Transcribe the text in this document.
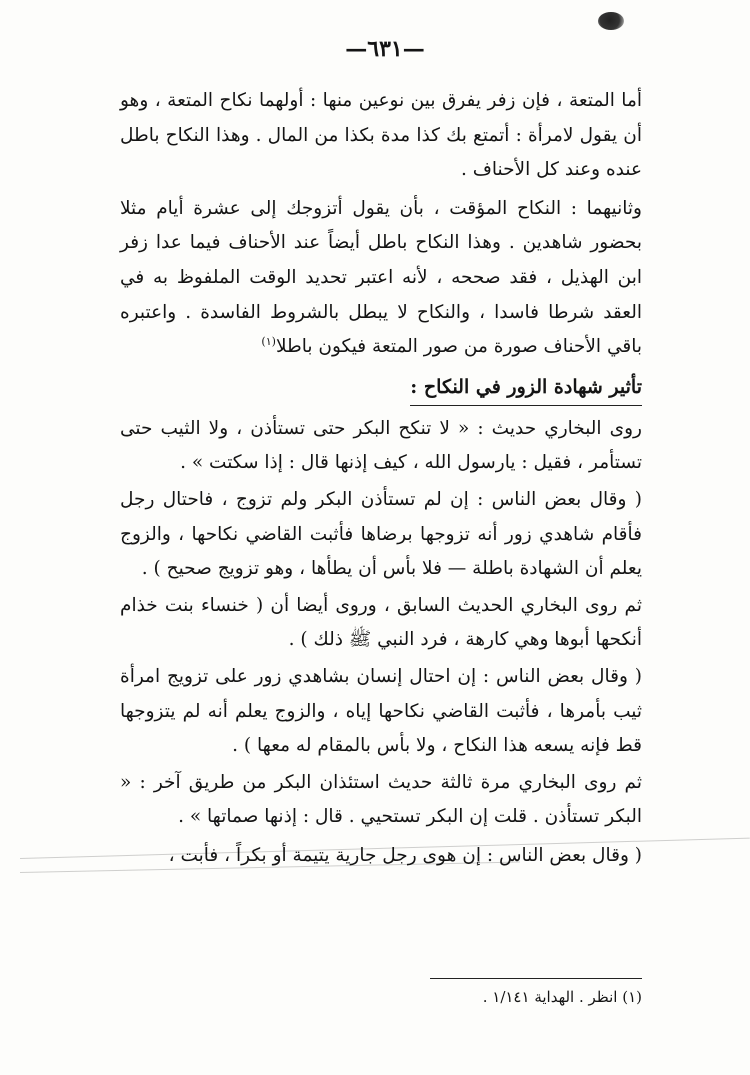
—٦٣١—

أما المتعة ، فإن زفر يفرق بين نوعين منها : أولهما نكاح المتعة ، وهو أن يقول لامرأة : أتمتع بك كذا مدة بكذا من المال . وهذا النكاح باطل عنده وعند كل الأحناف .

وثانيهما : النكاح المؤقت ، بأن يقول أتزوجك إلى عشرة أيام مثلا بحضور شاهدين . وهذا النكاح باطل أيضاً عند الأحناف فيما عدا زفر ابن الهذيل ، فقد صححه ، لأنه اعتبر تحديد الوقت الملفوظ به في العقد شرطا فاسدا ، والنكاح لا يبطل بالشروط الفاسدة . واعتبره باقي الأحناف صورة من صور المتعة فيكون باطلا$^{(١)}$

تأثير شهادة الزور في النكاح :

روى البخاري حديث : « لا تنكح البكر حتى تستأذن ، ولا الثيب حتى تستأمر ، فقيل : يارسول الله ، كيف إذنها قال : إذا سكتت » .

( وقال بعض الناس : إن لم تستأذن البكر ولم تزوج ، فاحتال رجل فأقام شاهدي زور أنه تزوجها برضاها فأثبت القاضي نكاحها ، والزوج يعلم أن الشهادة باطلة — فلا بأس أن يطأها ، وهو تزويج صحيح ) .

ثم روى البخاري الحديث السابق ، وروى أيضا أن ( خنساء بنت خذام أنكحها أبوها وهي كارهة ، فرد النبي ﷺ ذلك ) .

( وقال بعض الناس : إن احتال إنسان بشاهدي زور على تزويج امرأة ثيب بأمرها ، فأثبت القاضي نكاحها إياه ، والزوج يعلم أنه لم يتزوجها قط فإنه يسعه هذا النكاح ، ولا بأس بالمقام له معها ) .

ثم روى البخاري مرة ثالثة حديث استئذان البكر من طريق آخر : « البكر تستأذن . قلت إن البكر تستحيي . قال : إذنها صماتها » .

( وقال بعض الناس : إن هوى رجل جارية يتيمة أو بكراً ، فأبت ،

(١) انظر . الهداية ١/١٤١ .
